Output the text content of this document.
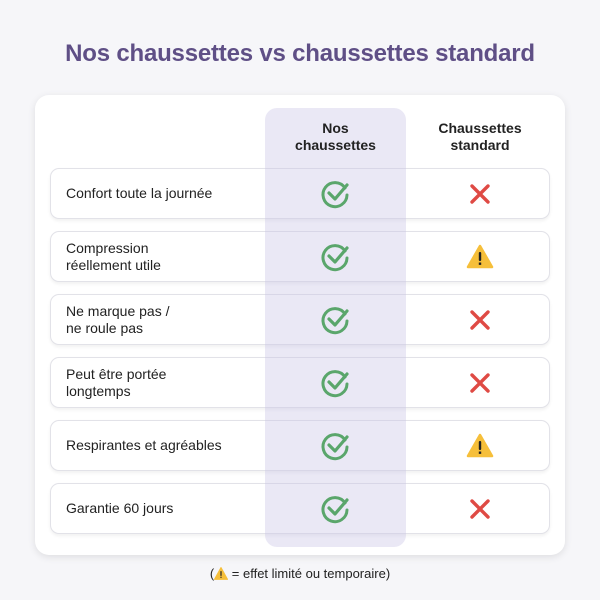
Nos chaussettes vs chaussettes standard
Nos
chaussettes
Chaussettes
standard
Confort toute la journée
Compression
réellement utile
Ne marque pas /
ne roule pas
Peut être portée
longtemps
Respirantes et agréables
Garantie 60 jours
( = effet limité ou temporaire)
